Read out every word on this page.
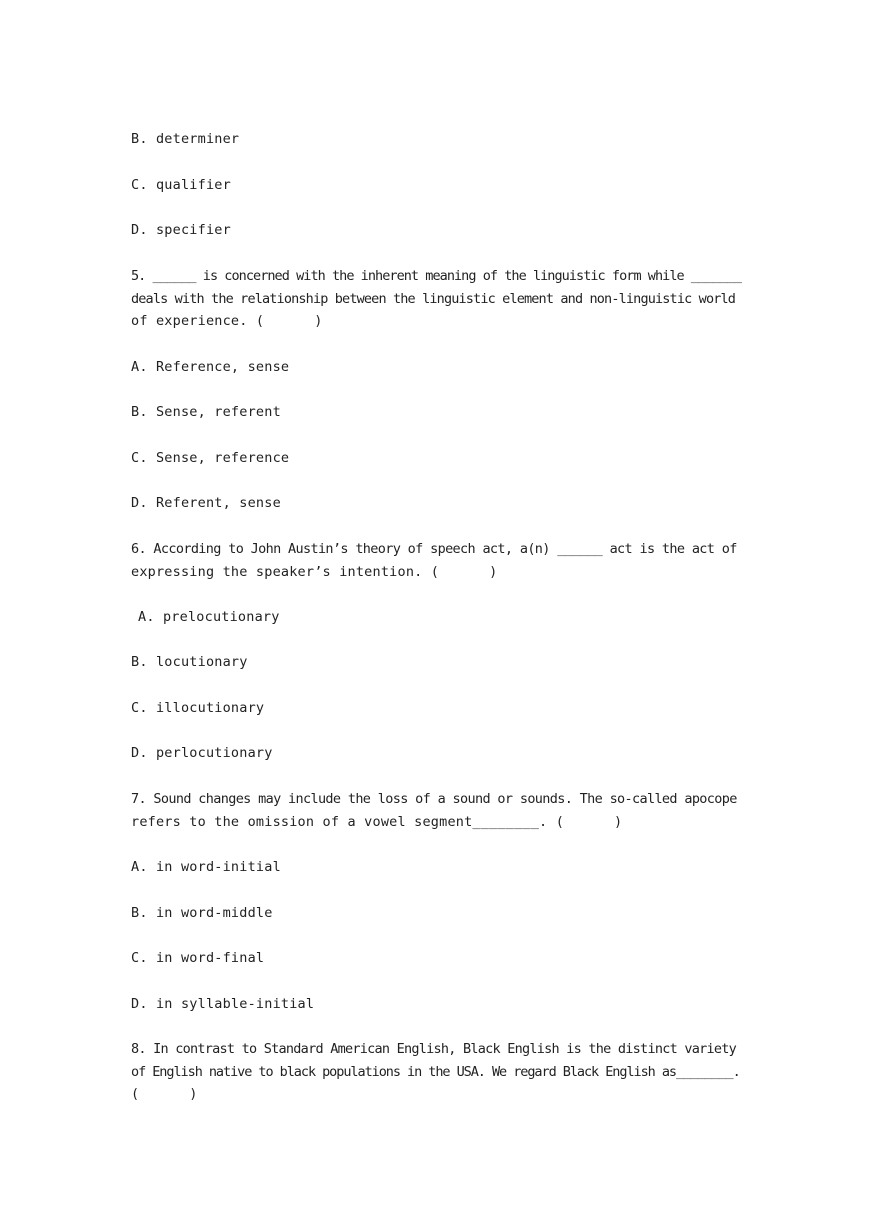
B. determiner
C. qualifier
D. specifier
5. ______ is concerned with the inherent meaning of the linguistic form while _______
deals with the relationship between the linguistic element and non-linguistic world
of experience. (      )
A. Reference, sense
B. Sense, referent
C. Sense, reference
D. Referent, sense
6. According to John Austin’s theory of speech act, a(n) ______ act is the act of
expressing the speaker’s intention. (      )
A. prelocutionary
B. locutionary
C. illocutionary
D. perlocutionary
7. Sound changes may include the loss of a sound or sounds. The so-called apocope
refers to the omission of a vowel segment________. (      )
A. in word-initial
B. in word-middle
C. in word-final
D. in syllable-initial
8. In contrast to Standard American English, Black English is the distinct variety
of English native to black populations in the USA. We regard Black English as________.
(      )
